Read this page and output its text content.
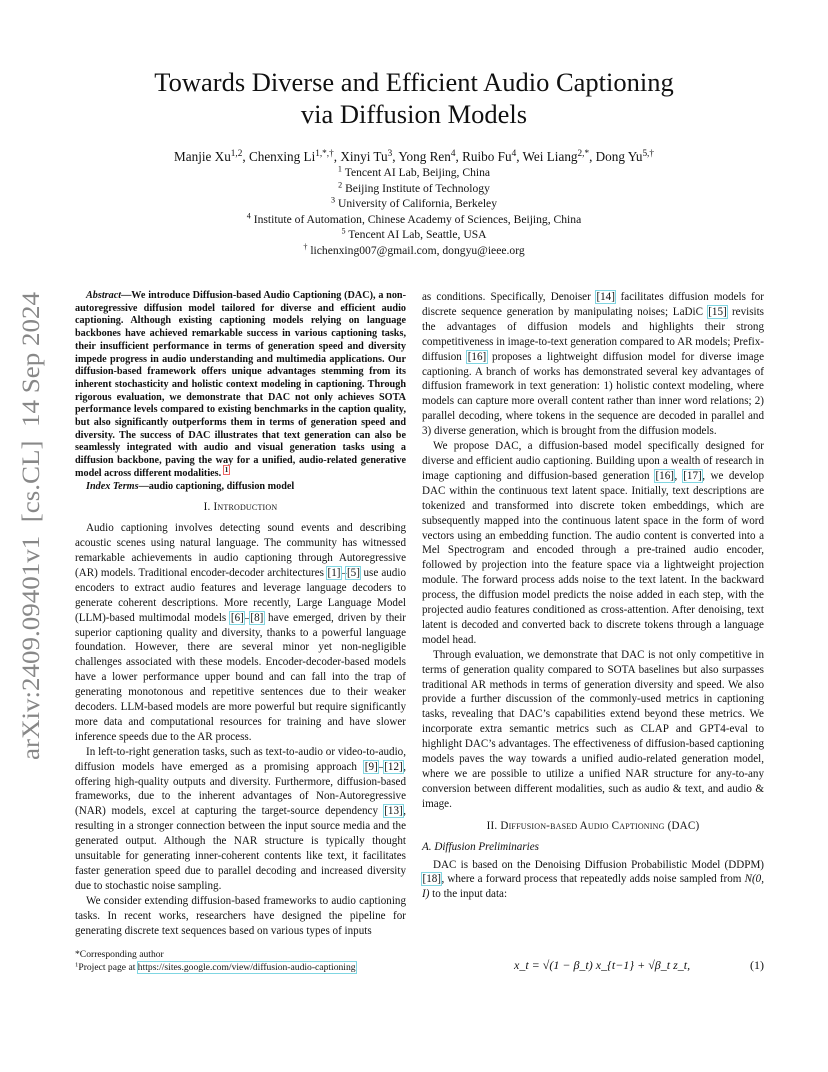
arXiv:2409.09401v1  [cs.CL]  14 Sep 2024
Towards Diverse and Efficient Audio Captioning
via Diffusion Models
Manjie Xu$^{1,2}$, Chenxing $Li^{1,*,\dagger}$, Xinyi Tu$^3$, Yong Ren$^4$, Ruibo Fu$^4$, Wei Liang$^{2,*}$, Dong $Yu^{5,\dagger}$
$^1$ Tencent AI Lab, Beijing, China
$^2$ Beijing Institute of Technology
$^3$ University of California, Berkeley
$^4$ Institute of Automation, Chinese Academy of Sciences, Beijing, China
$^5$ Tencent AI Lab, Seattle, USA
† lichenxing007@gmail.com, dongyu@ieee.org

Abstract—We introduce Diffusion-based Audio Captioning (DAC), a non-autoregressive diffusion model tailored for diverse and efficient audio captioning. Although existing captioning models relying on language backbones have achieved remarkable success in various captioning tasks, their insufficient performance in terms of generation speed and diversity impede progress in audio understanding and multimedia applications. Our diffusion-based framework offers unique advantages stemming from its inherent stochasticity and holistic context modeling in captioning. Through rigorous evaluation, we demonstrate that DAC not only achieves SOTA performance levels compared to existing benchmarks in the caption quality, but also significantly outperforms them in terms of generation speed and diversity. The success of DAC illustrates that text generation can also be seamlessly integrated with audio and visual generation tasks using a diffusion backbone, paving the way for a unified, audio-related generative model across different modalities. $^1$

Index Terms—audio captioning, diffusion model

I. Introduction

Audio captioning involves detecting sound events and describing acoustic scenes using natural language. The community has witnessed remarkable achievements in audio captioning through Autoregressive (AR) models. Traditional encoder-decoder architectures [1]–[5] use audio encoders to extract audio features and leverage language decoders to generate coherent descriptions. More recently, Large Language Model (LLM)-based multimodal models [6]–[8] have emerged, driven by their superior captioning quality and diversity, thanks to a powerful language foundation. However, there are several minor yet non-negligible challenges associated with these models. Encoder-decoder-based models have a lower performance upper bound and can fall into the trap of generating monotonous and repetitive sentences due to their weaker decoders. LLM-based models are more powerful but require significantly more data and computational resources for training and have slower inference speeds due to the AR process.

In left-to-right generation tasks, such as text-to-audio or video-to-audio, diffusion models have emerged as a promising approach [9]–[12], offering high-quality outputs and diversity. Furthermore, diffusion-based frameworks, due to the inherent advantages of Non-Autoregressive (NAR) models, excel at capturing the target-source dependency [13], resulting in a stronger connection between the input source media and the generated output. Although the NAR structure is typically thought unsuitable for generating inner-coherent contents like text, it facilitates faster generation speed due to parallel decoding and increased diversity due to stochastic noise sampling.

We consider extending diffusion-based frameworks to audio captioning tasks. In recent works, researchers have designed the pipeline for generating discrete text sequences based on various types of inputs

as conditions. Specifically, Denoiser [14] facilitates diffusion models for discrete sequence generation by manipulating noises; LaDiC [15] revisits the advantages of diffusion models and highlights their strong competitiveness in image-to-text generation compared to AR models; Prefix-diffusion [16] proposes a lightweight diffusion model for diverse image captioning. A branch of works has demonstrated several key advantages of diffusion framework in text generation: 1) holistic context modeling, where models can capture more overall content rather than inner word relations; 2) parallel decoding, where tokens in the sequence are decoded in parallel and 3) diverse generation, which is brought from the diffusion models.

We propose DAC, a diffusion-based model specifically designed for diverse and efficient audio captioning. Building upon a wealth of research in image captioning and diffusion-based generation [16], [17], we develop DAC within the continuous text latent space. Initially, text descriptions are tokenized and transformed into discrete token embeddings, which are subsequently mapped into the continuous latent space in the form of word vectors using an embedding function. The audio content is converted into a Mel Spectrogram and encoded through a pre-trained audio encoder, followed by projection into the feature space via a lightweight projection module. The forward process adds noise to the text latent. In the backward process, the diffusion model predicts the noise added in each step, with the projected audio features conditioned as cross-attention. After denoising, text latent is decoded and converted back to discrete tokens through a language model head.

Through evaluation, we demonstrate that DAC is not only competitive in terms of generation quality compared to SOTA baselines but also surpasses traditional AR methods in terms of generation diversity and speed. We also provide a further discussion of the commonly-used metrics in captioning tasks, revealing that DAC’s capabilities extend beyond these metrics. We incorporate extra semantic metrics such as CLAP and GPT4-eval to highlight DAC’s advantages. The effectiveness of diffusion-based captioning models paves the way towards a unified audio-related generation model, where we are possible to utilize a unified NAR structure for any-to-any conversion between different modalities, such as audio & text, and audio & image.

II. Diffusion-based Audio Captioning (DAC)
A. Diffusion Preliminaries

DAC is based on the Denoising Diffusion Probabilistic Model (DDPM) [18], where a forward process that repeatedly adds noise sampled from N(0, I) to the input data:

x_t = √(1 − β_t) x_{t−1} + √β_t z_t,	(1)
*Corresponding author
$^1$Project page at https://sites.google.com/view/diffusion-audio-captioning
